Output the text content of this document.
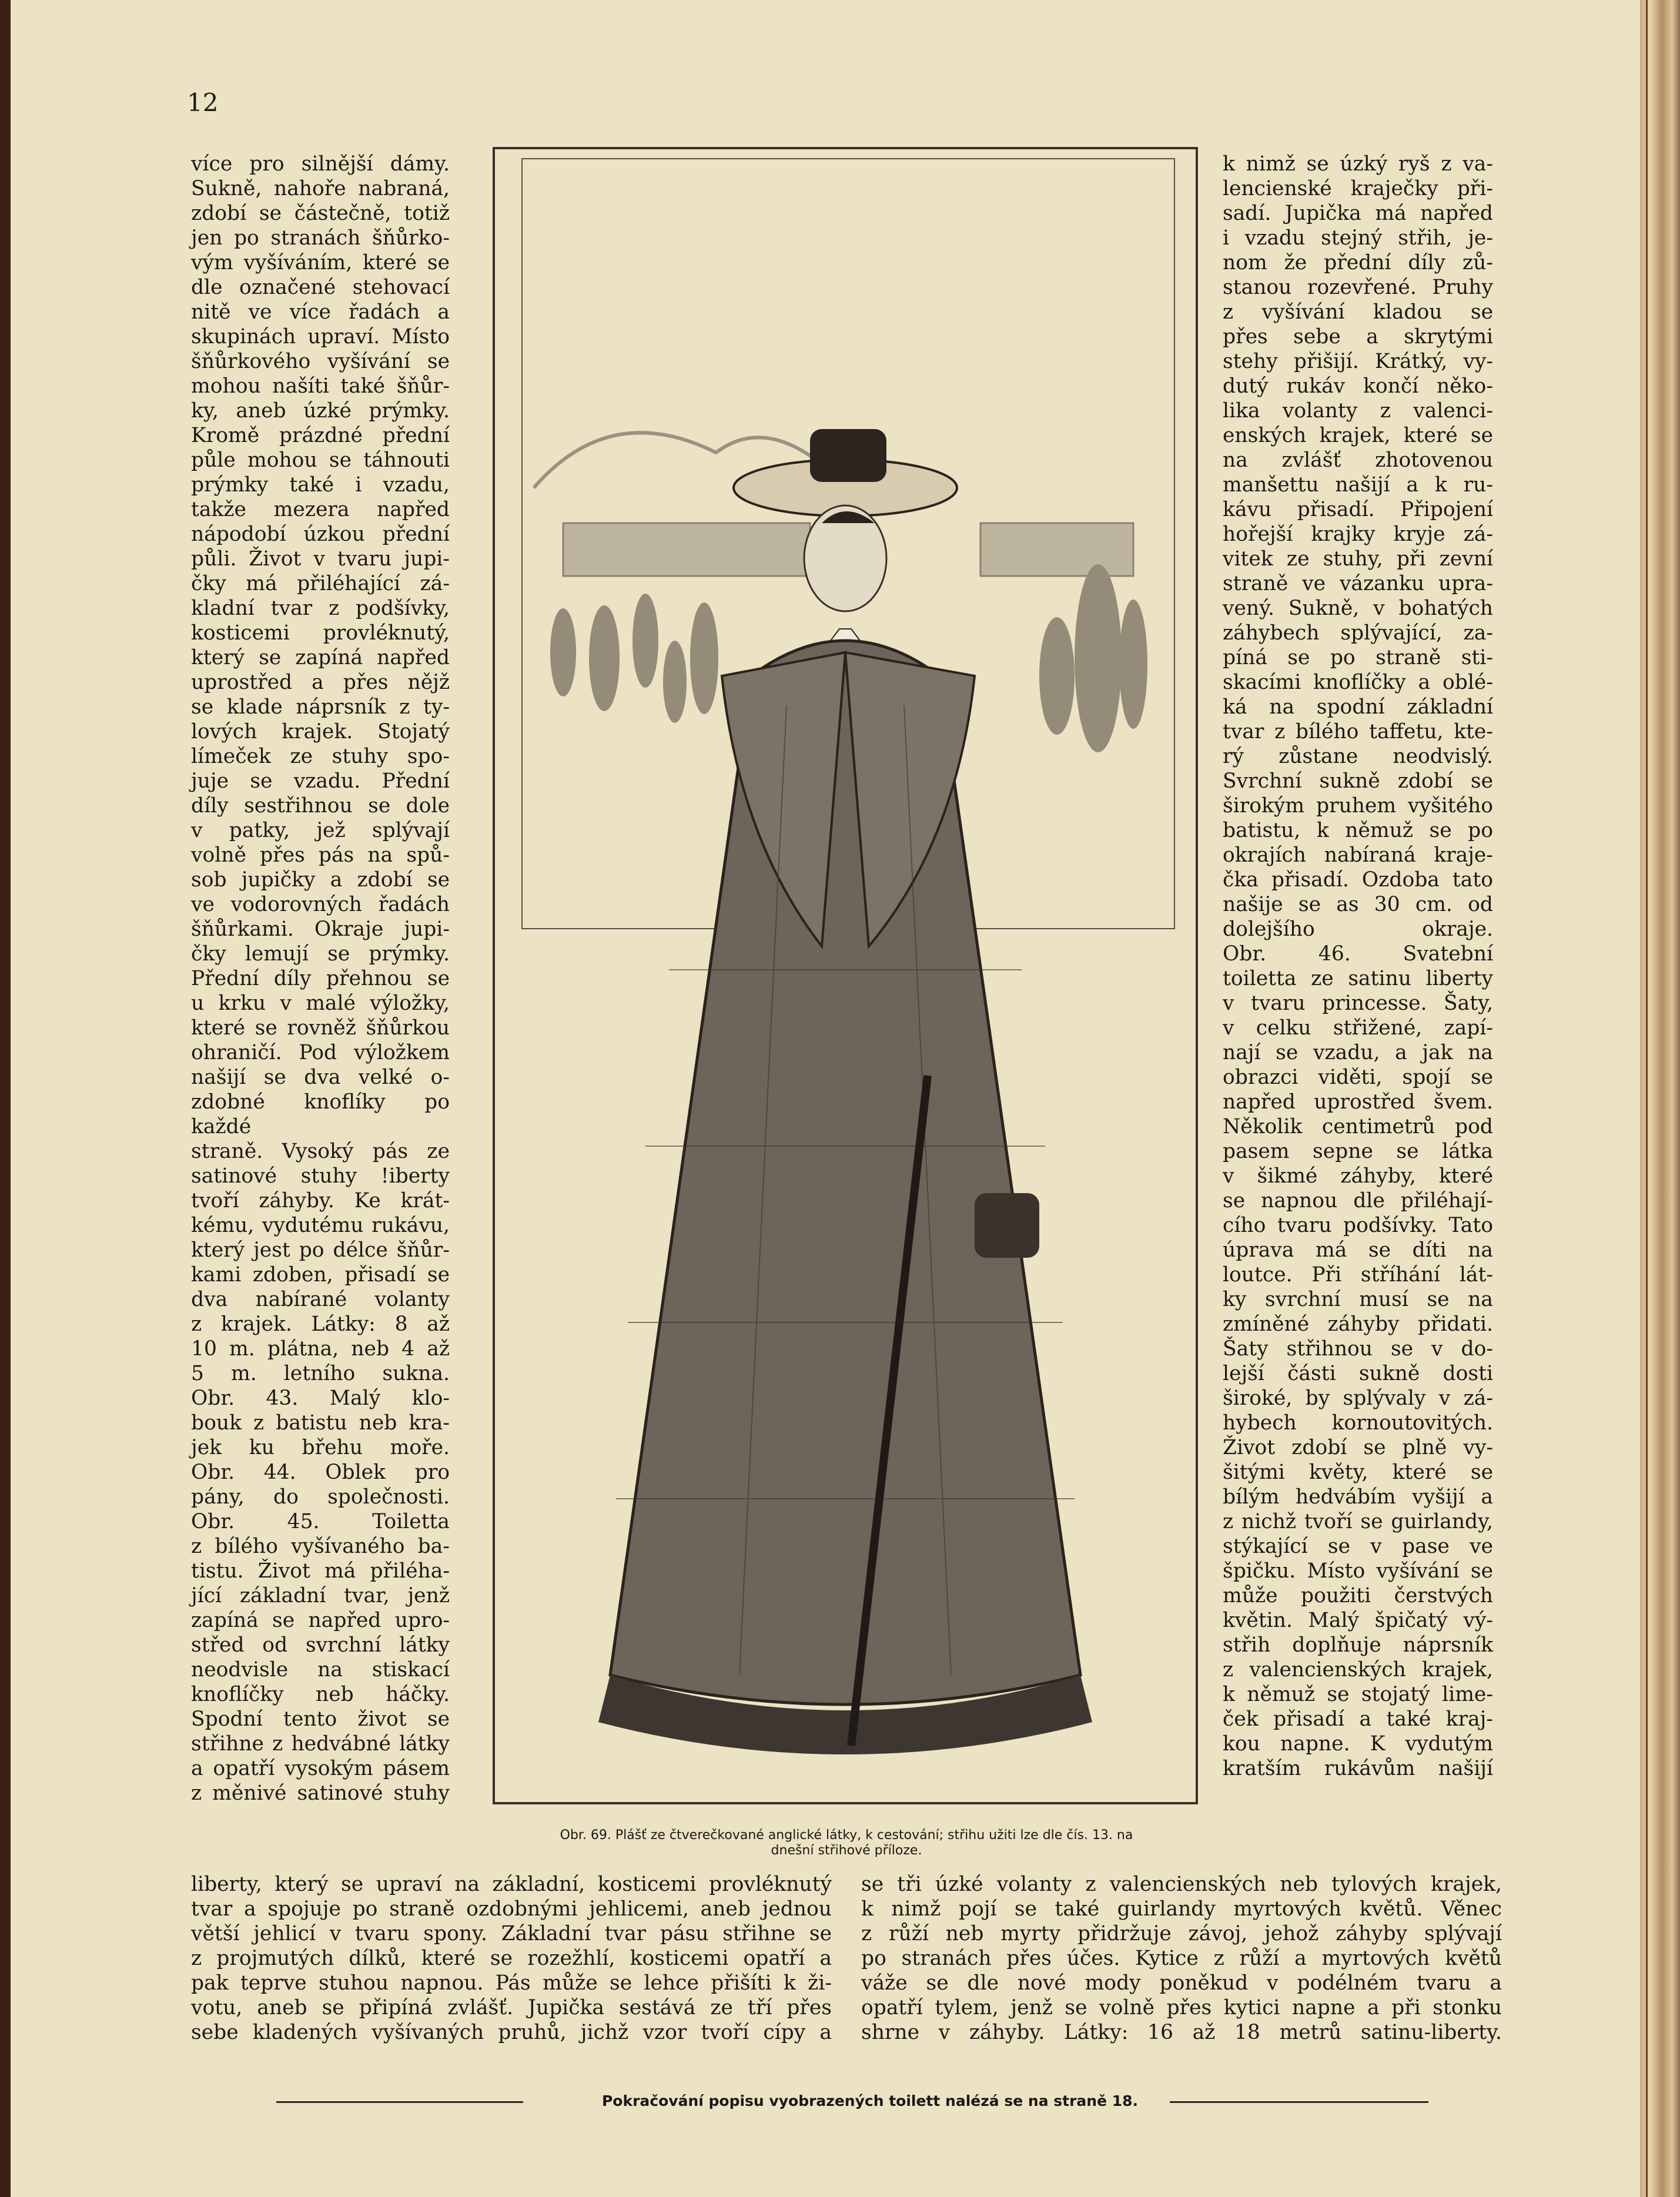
12

více pro silnější dámy.

Sukně, nahoře nabraná,

zdobí se částečně, totiž

jen po stranách šňůrko-

vým vyšíváním, které se

dle označené stehovací

nitě ve více řadách a

skupinách upraví. Místo

šňůrkového vyšívání se

mohou našíti také šňůr-

ky, aneb úzké prýmky.

Kromě prázdné přední

půle mohou se táhnouti

prýmky také i vzadu,

takže mezera napřed

nápodobí úzkou přední

půli. Život v tvaru jupi-

čky má přiléhající zá-

kladní tvar z podšívky,

kosticemi provléknutý,

který se zapíná napřed

uprostřed a přes nějž

se klade náprsník z ty-

lových krajek. Stojatý

límeček ze stuhy spo-

juje se vzadu. Přední

díly sestřihnou se dole

v patky, jež splývají

volně přes pás na spů-

sob jupičky a zdobí se

ve vodorovných řadách

šňůrkami. Okraje jupi-

čky lemují se prýmky.

Přední díly přehnou se

u krku v malé výložky,

které se rovněž šňůrkou

ohraničí. Pod výložkem

našijí se dva velké o-

zdobné knoflíky po každé

straně. Vysoký pás ze

satinové stuhy !iberty

tvoří záhyby. Ke krát-

kému, vydutému rukávu,

který jest po délce šňůr-

kami zdoben, přisadí se

dva nabírané volanty

z krajek. Látky: 8 až

10 m. plátna, neb 4 až

5 m. letního sukna.

Obr. 43. Malý klo-

bouk z batistu neb kra-

jek ku břehu moře.

Obr. 44. Oblek pro

pány, do společnosti.

Obr. 45. Toiletta

z bílého vyšívaného ba-

tistu. Život má přiléha-

jící základní tvar, jenž

zapíná se napřed upro-

střed od svrchní látky

neodvisle na stiskací

knoflíčky neb háčky.

Spodní tento život se

střihne z hedvábné látky

a opatří vysokým pásem

z měnivé satinové stuhy

k nimž se úzký ryš z va-

lencienské kraječky při-

sadí. Jupička má napřed

i vzadu stejný střih, je-

nom že přední díly zů-

stanou rozevřené. Pruhy

z vyšívání kladou se

přes sebe a skrytými

stehy přišijí. Krátký, vy-

dutý rukáv končí něko-

lika volanty z valenci-

enských krajek, které se

na zvlášť zhotovenou

manšettu našijí a k ru-

kávu přisadí. Připojení

hořejší krajky kryje zá-

vitek ze stuhy, při zevní

straně ve vázanku upra-

vený. Sukně, v bohatých

záhybech splývající, za-

píná se po straně sti-

skacími knoflíčky a oblé-

ká na spodní základní

tvar z bílého taffetu, kte-

rý zůstane neodvislý.

Svrchní sukně zdobí se

širokým pruhem vyšitého

batistu, k němuž se po

okrajích nabíraná kraje-

čka přisadí. Ozdoba tato

našije se as 30 cm. od

dolejšího okraje.

Obr. 46. Svatební

toiletta ze satinu liberty

v tvaru princesse. Šaty,

v celku střižené, zapí-

nají se vzadu, a jak na

obrazci viděti, spojí se

napřed uprostřed švem.

Několik centimetrů pod

pasem sepne se látka

v šikmé záhyby, které

se napnou dle přiléhají-

cího tvaru podšívky. Tato

úprava má se díti na

loutce. Při stříhání lát-

ky svrchní musí se na

zmíněné záhyby přidati.

Šaty střihnou se v do-

lejší části sukně dosti

široké, by splývaly v zá-

hybech kornoutovitých.

Život zdobí se plně vy-

šitými květy, které se

bílým hedvábím vyšijí a

z nichž tvoří se guirlandy,

stýkající se v pase ve

špičku. Místo vyšívání se

může použiti čerstvých

květin. Malý špičatý vý-

střih doplňuje náprsník

z valencienských krajek,

k němuž se stojatý lime-

ček přisadí a také kraj-

kou napne. K vydutým

kratším rukávům našijí

Obr. 69. Plášť ze čtverečkované anglické látky, k cestování; střihu užiti lze dle čís. 13. na
dnešní střihové příloze.

liberty, který se upraví na základní, kosticemi provléknutý

tvar a spojuje po straně ozdobnými jehlicemi, aneb jednou

větší jehlicí v tvaru spony. Základní tvar pásu střihne se

z projmutých dílků, které se rozežhlí, kosticemi opatří a

pak teprve stuhou napnou. Pás může se lehce přišíti k ži-

votu, aneb se připíná zvlášť. Jupička sestává ze tří přes

sebe kladených vyšívaných pruhů, jichž vzor tvoří cípy a

se tři úzké volanty z valencienských neb tylových krajek,

k nimž pojí se také guirlandy myrtových květů. Věnec

z růží neb myrty přidržuje závoj, jehož záhyby splývají

po stranách přes účes. Kytice z růží a myrtových květů

váže se dle nové mody poněkud v podélném tvaru a

opatří tylem, jenž se volně přes kytici napne a při stonku

shrne v záhyby. Látky: 16 až 18 metrů satinu-liberty.

Pokračování popisu vyobrazených toilett nalézá se na straně 18.
